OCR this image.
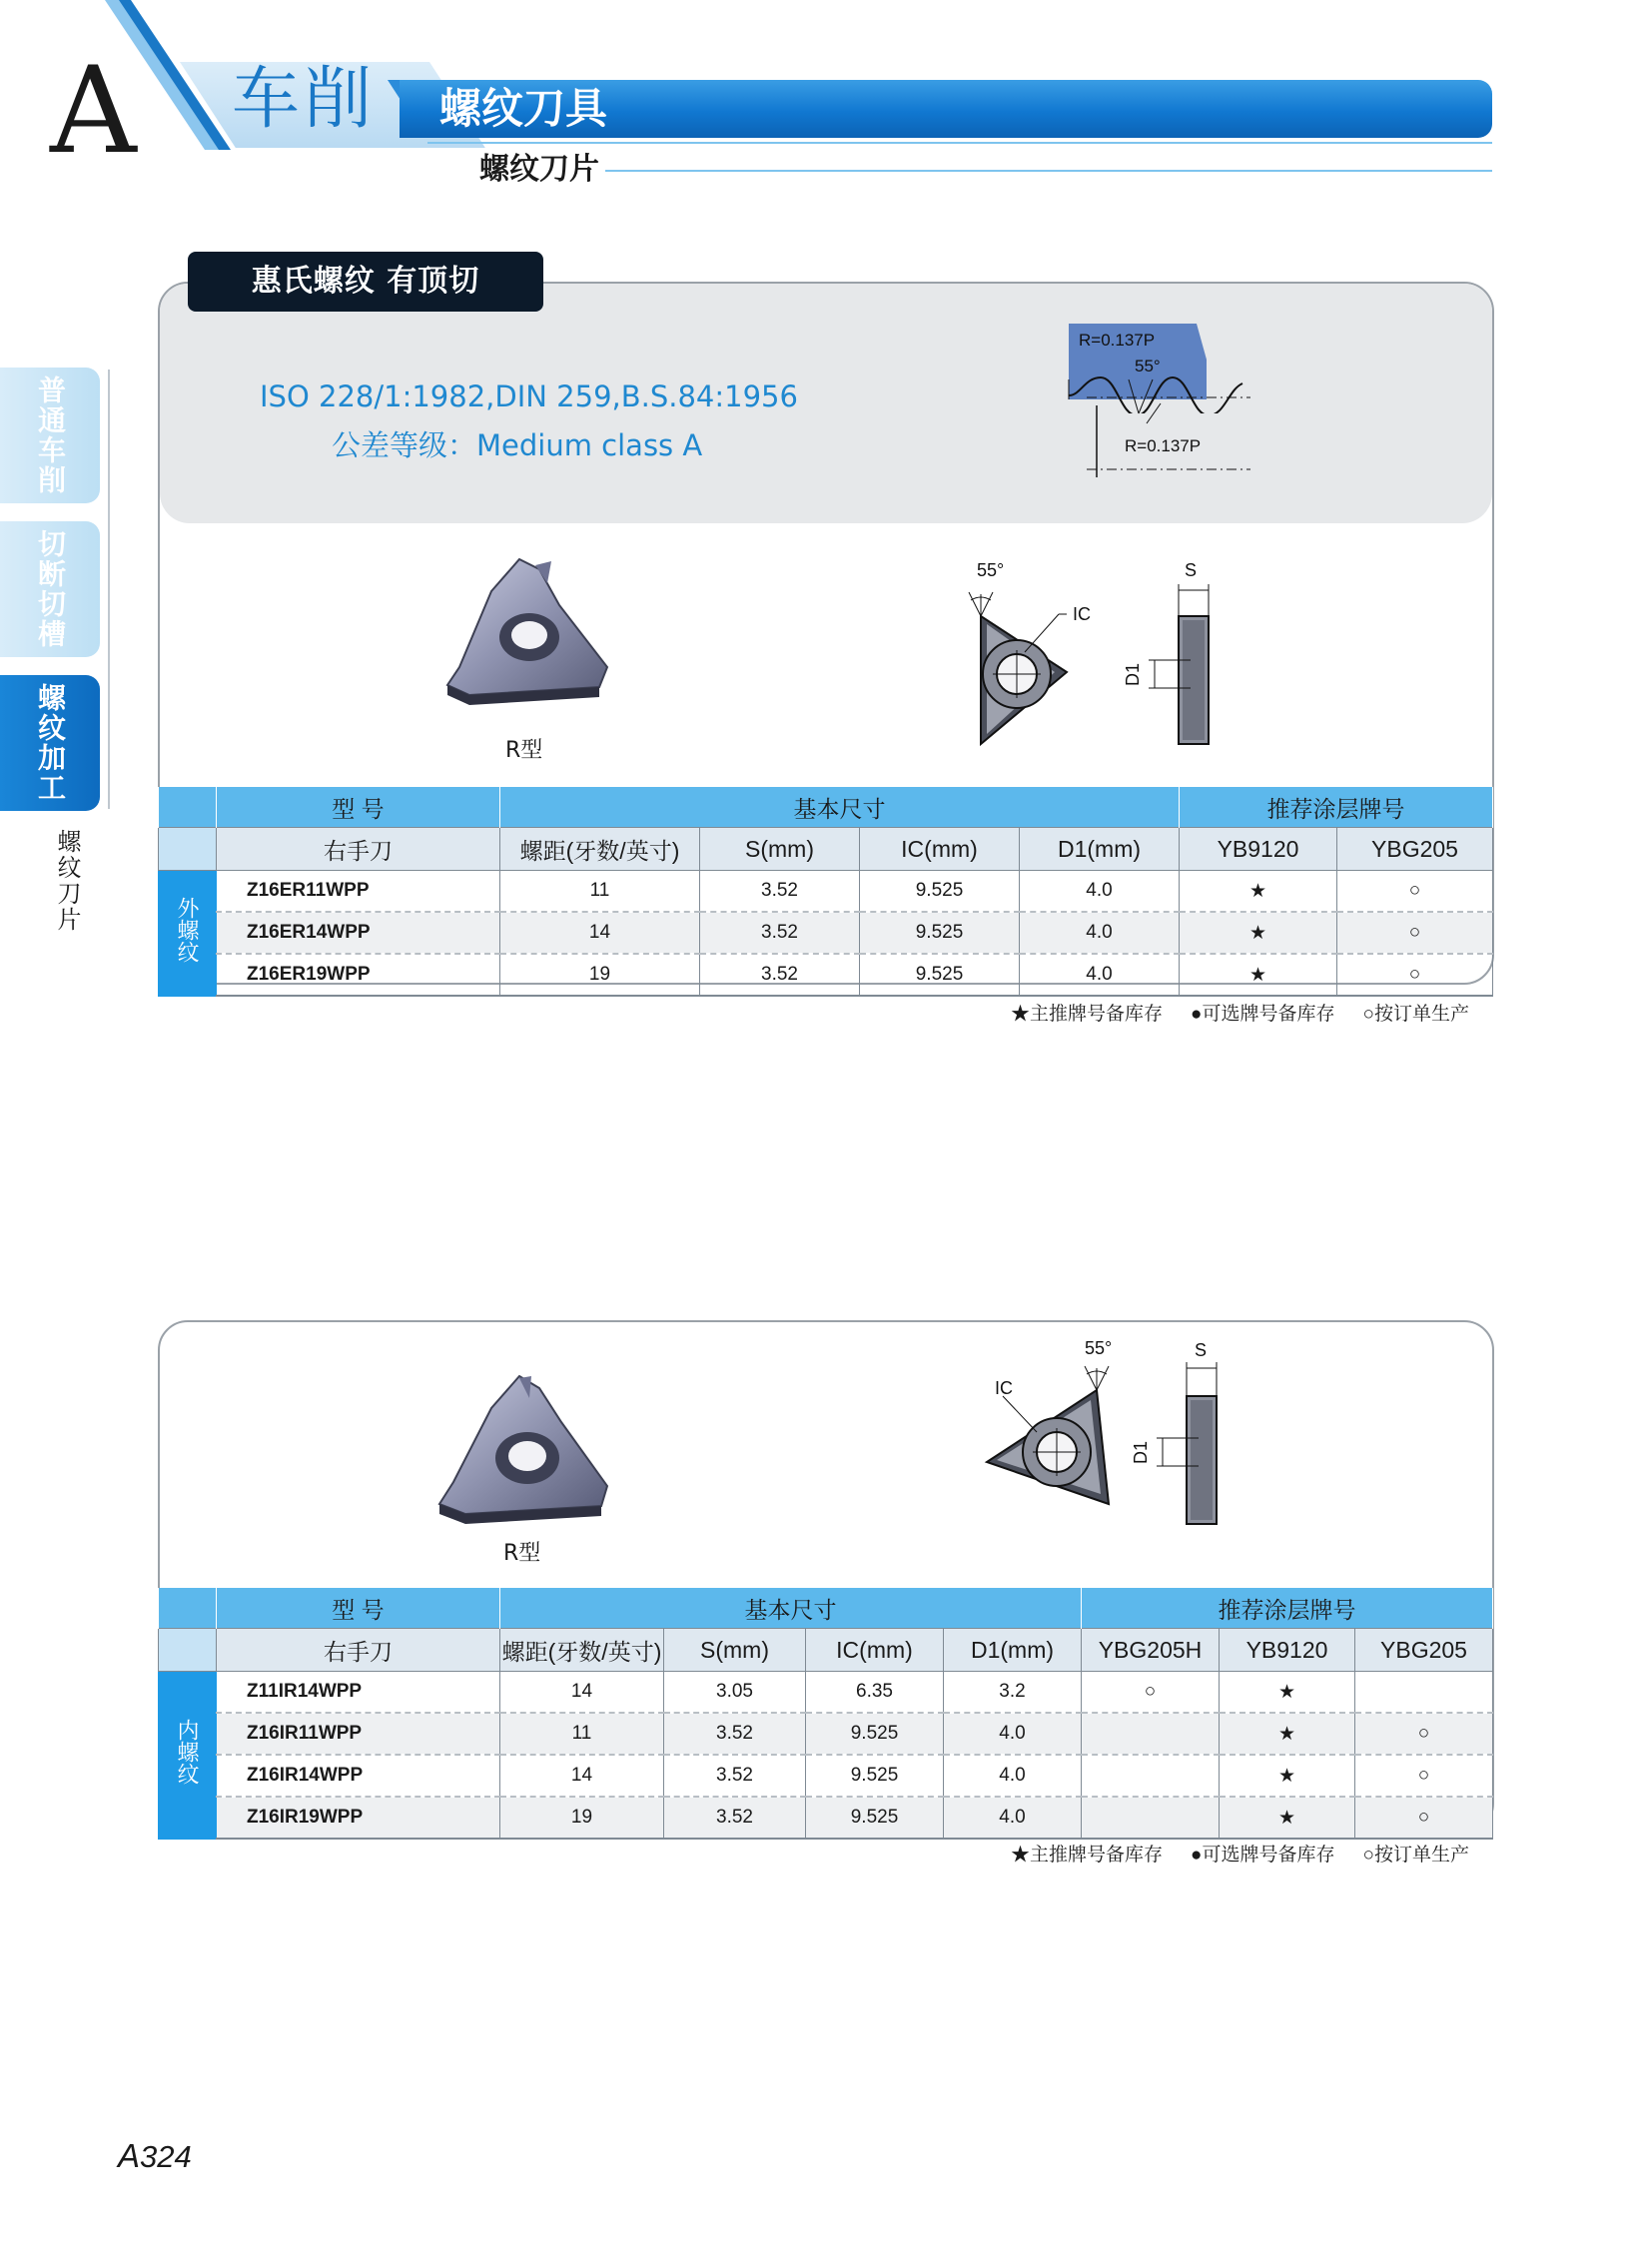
A 车削 螺纹刀具
螺纹刀片
普通车削
切断切槽
螺纹加工
螺纹刀片
惠氏螺纹 有顶切
ISO 228/1:1982,DIN 259,B.S.84:1956
公差等级：Medium class A
R=0.137P
55°
R=0.137P
R型
55°
IC
S
D1
	型 号	基本尺寸				推荐涂层牌号	
	右手刀	螺距(牙数/英寸)	S(mm)	IC(mm)	D1(mm)	YB9120	YBG205
外螺纹	Z16ER11WPP	11	3.52	9.525	4.0	★	○
	Z16ER14WPP	14	3.52	9.525	4.0	★	○
	Z16ER19WPP	19	3.52	9.525	4.0	★	○
★主推牌号备库存 ●可选牌号备库存 ○按订单生产
R型
55°
IC
S
D1
	型 号	基本尺寸				推荐涂层牌号		
	右手刀	螺距(牙数/英寸)	S(mm)	IC(mm)	D1(mm)	YBG205H	YB9120	YBG205
内螺纹	Z11IR14WPP	14	3.05	6.35	3.2	○	★	
	Z16IR11WPP	11	3.52	9.525	4.0		★	○
	Z16IR14WPP	14	3.52	9.525	4.0		★	○
	Z16IR19WPP	19	3.52	9.525	4.0		★	○
★主推牌号备库存 ●可选牌号备库存 ○按订单生产
A324
